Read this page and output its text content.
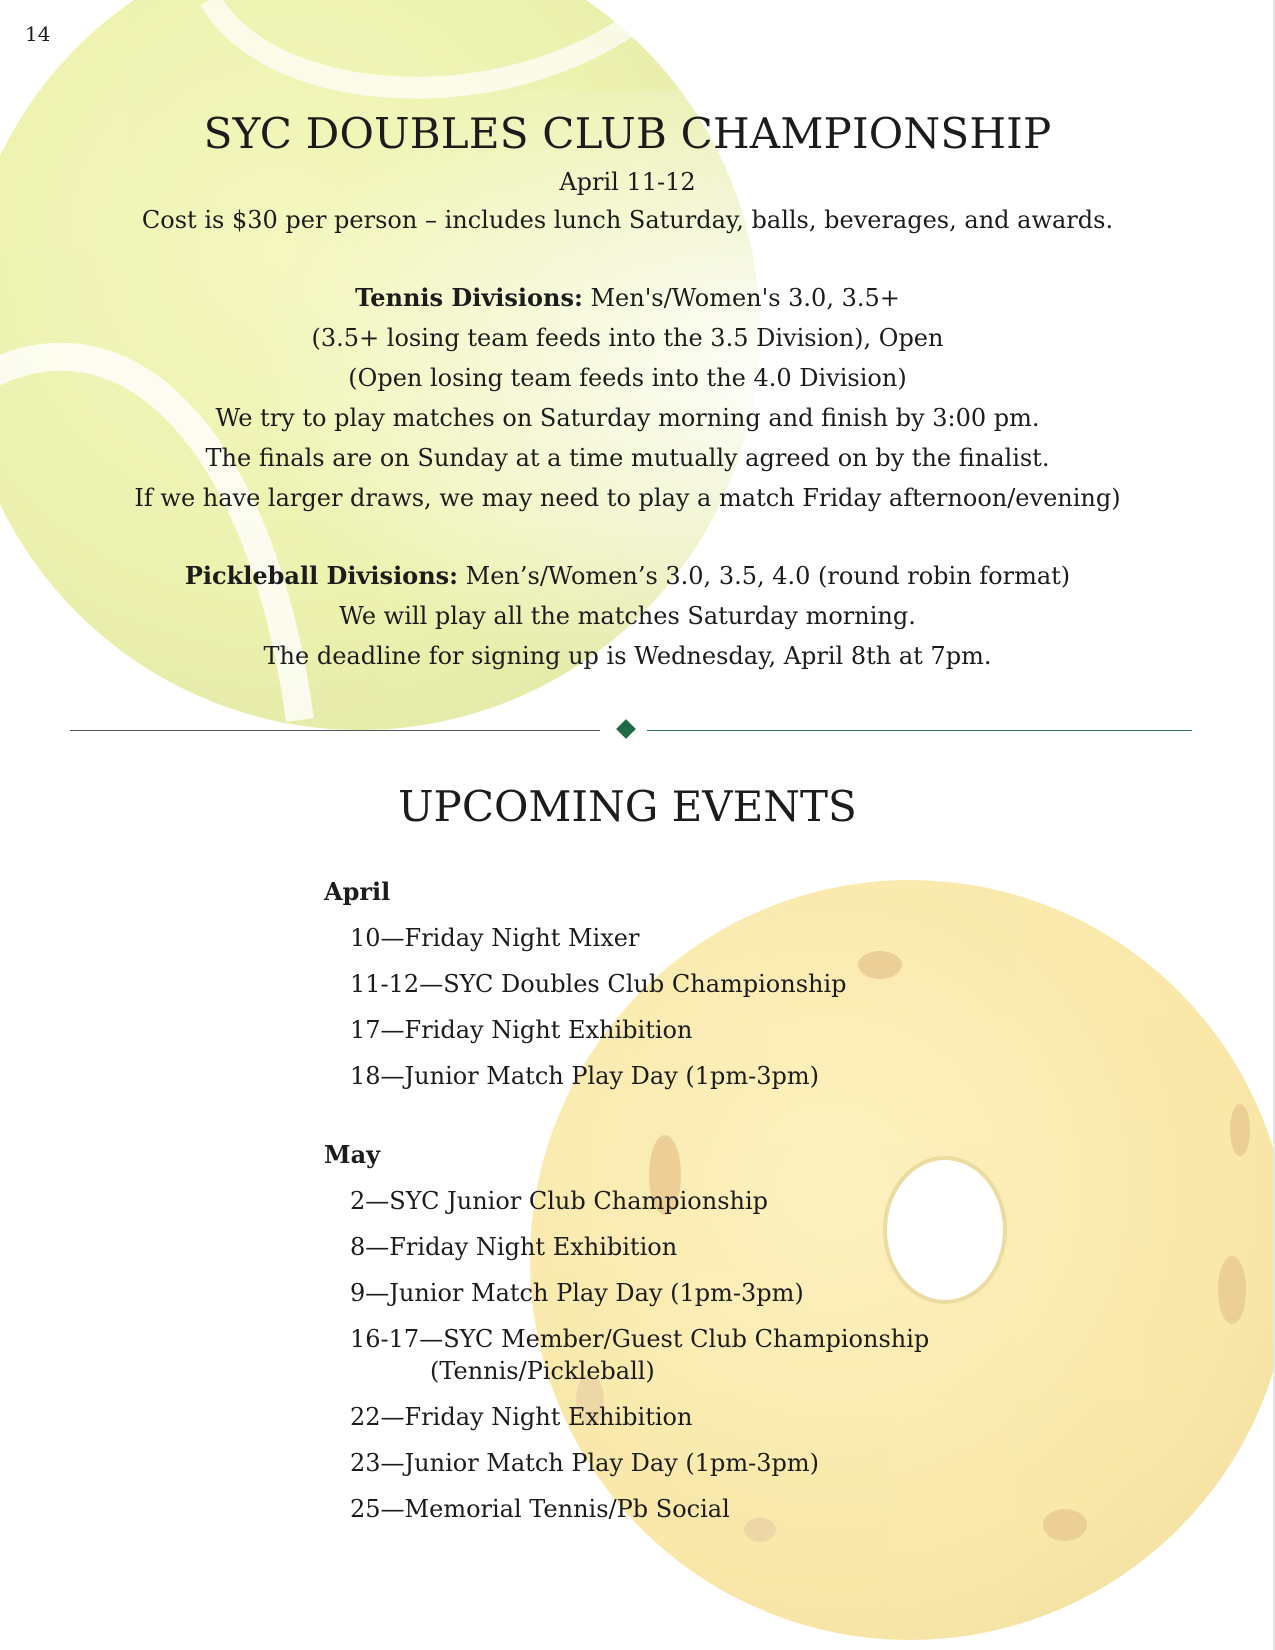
14
SYC DOUBLES CLUB CHAMPIONSHIP
April 11-12
Cost is $30 per person – includes lunch Saturday, balls, beverages, and awards.
Tennis Divisions: Men's/Women's 3.0, 3.5+
(3.5+ losing team feeds into the 3.5 Division), Open
(Open losing team feeds into the 4.0 Division)
We try to play matches on Saturday morning and finish by 3:00 pm.
The finals are on Sunday at a time mutually agreed on by the finalist.
If we have larger draws, we may need to play a match Friday afternoon/evening)
Pickleball Divisions: Men’s/Women’s 3.0, 3.5, 4.0 (round robin format)
We will play all the matches Saturday morning.
The deadline for signing up is Wednesday, April 8th at 7pm.
UPCOMING EVENTS
April
10—Friday Night Mixer
11-12—SYC Doubles Club Championship
17—Friday Night Exhibition
18—Junior Match Play Day (1pm-3pm)
May
2—SYC Junior Club Championship
8—Friday Night Exhibition
9—Junior Match Play Day (1pm-3pm)
16-17—SYC Member/Guest Club Championship
(Tennis/Pickleball)
22—Friday Night Exhibition
23—Junior Match Play Day (1pm-3pm)
25—Memorial Tennis/Pb Social
